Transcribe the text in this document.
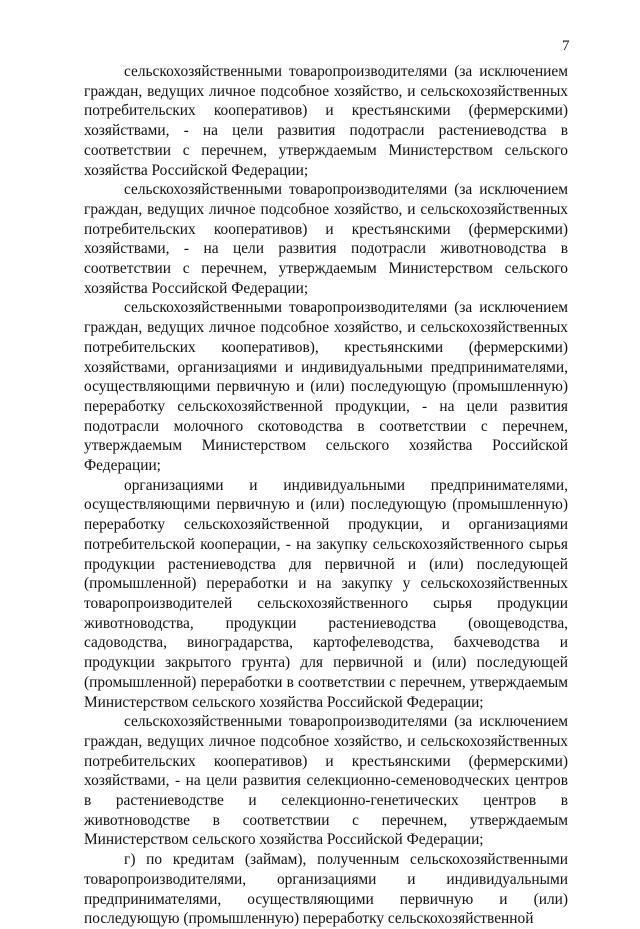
7

сельскохозяйственными товаропроизводителями (за исключением граждан, ведущих личное подсобное хозяйство, и сельскохозяйственных потребительских кооперативов) и крестьянскими (фермерскими) хозяйствами, - на цели развития подотрасли растениеводства в соответствии с перечнем, утверждаемым Министерством сельского хозяйства Российской Федерации;

сельскохозяйственными товаропроизводителями (за исключением граждан, ведущих личное подсобное хозяйство, и сельскохозяйственных потребительских кооперативов) и крестьянскими (фермерскими) хозяйствами, - на цели развития подотрасли животноводства в соответствии с перечнем, утверждаемым Министерством сельского хозяйства Российской Федерации;

сельскохозяйственными товаропроизводителями (за исключением граждан, ведущих личное подсобное хозяйство, и сельскохозяйственных потребительских кооперативов), крестьянскими (фермерскими) хозяйствами, организациями и индивидуальными предпринимателями, осуществляющими первичную и (или) последующую (промышленную) переработку сельскохозяйственной продукции, - на цели развития подотрасли молочного скотоводства в соответствии с перечнем, утверждаемым Министерством сельского хозяйства Российской Федерации;

организациями и индивидуальными предпринимателями, осуществляющими первичную и (или) последующую (промышленную) переработку сельскохозяйственной продукции, и организациями потребительской кооперации, - на закупку сельскохозяйственного сырья продукции растениеводства для первичной и (или) последующей (промышленной) переработки и на закупку у сельскохозяйственных товаропроизводителей сельскохозяйственного сырья продукции животноводства, продукции растениеводства (овощеводства, садоводства, виноградарства, картофелеводства, бахчеводства и продукции закрытого грунта) для первичной и (или) последующей (промышленной) переработки в соответствии с перечнем, утверждаемым Министерством сельского хозяйства Российской Федерации;

сельскохозяйственными товаропроизводителями (за исключением граждан, ведущих личное подсобное хозяйство, и сельскохозяйственных потребительских кооперативов) и крестьянскими (фермерскими) хозяйствами, - на цели развития селекционно-семеноводческих центров в растениеводстве и селекционно-генетических центров в животноводстве в соответствии с перечнем, утверждаемым Министерством сельского хозяйства Российской Федерации;

г) по кредитам (займам), полученным сельскохозяйственными товаропроизводителями, организациями и индивидуальными предпринимателями, осуществляющими первичную и (или) последующую (промышленную) переработку сельскохозяйственной
